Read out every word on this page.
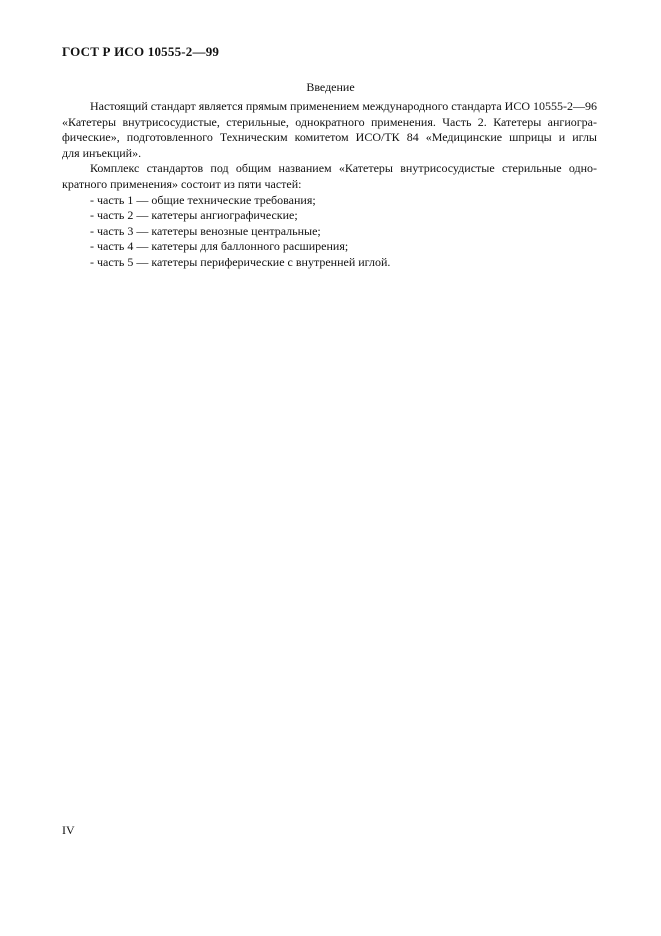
ГОСТ Р ИСО 10555-2—99
Введение
Настоящий стандарт является прямым применением международного стандарта ИСО 10555-2—96
«Катетеры внутрисосудистые, стерильные, однократного применения. Часть 2. Катетеры ангиогра-
фические», подготовленного Техническим комитетом ИСО/ТК 84 «Медицинские шприцы и иглы
для инъекций».
Комплекс стандартов под общим названием «Катетеры внутрисосудистые стерильные одно-
кратного применения» состоит из пяти частей:
- часть 1 — общие технические требования;
- часть 2 — катетеры ангиографические;
- часть 3 — катетеры венозные центральные;
- часть 4 — катетеры для баллонного расширения;
- часть 5 — катетеры периферические с внутренней иглой.
IV
